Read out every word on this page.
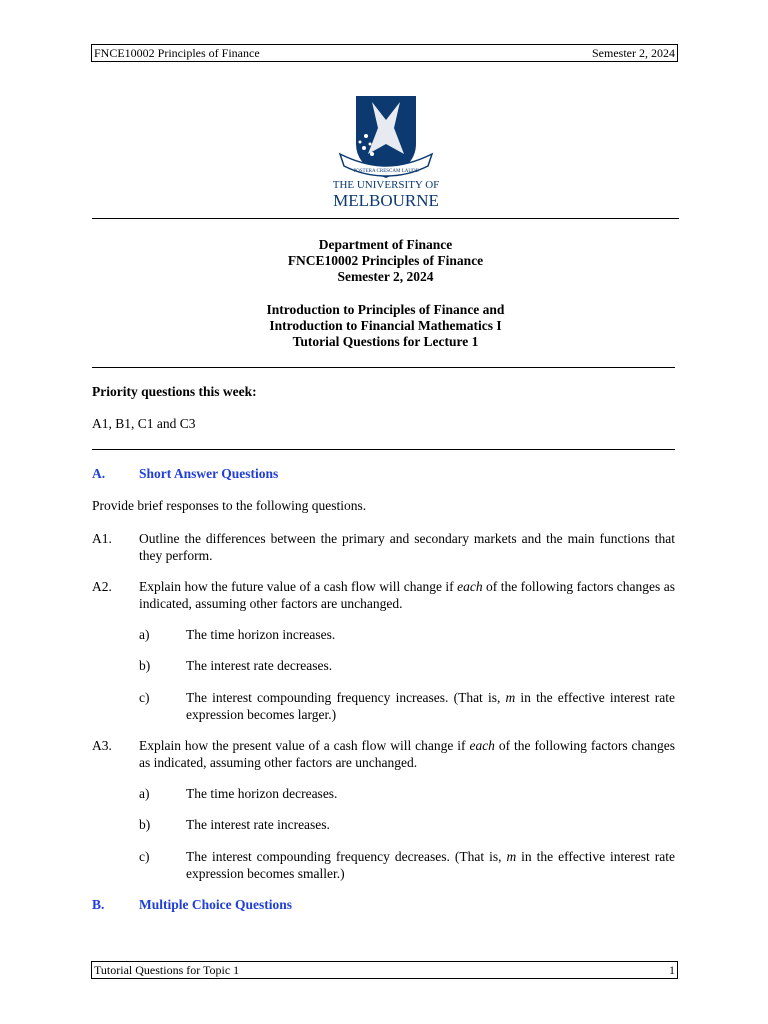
FNCE10002 Principles of Finance	Semester 2, 2024
POSTERA CRESCAM LAUDE
THE UNIVERSITY OF
MELBOURNE
Department of Finance
FNCE10002 Principles of Finance
Semester 2, 2024
Introduction to Principles of Finance and
Introduction to Financial Mathematics I
Tutorial Questions for Lecture 1
Priority questions this week:
A1, B1, C1 and C3
A.	Short Answer Questions
Provide brief responses to the following questions.
A1. Outline the differences between the primary and secondary markets and the main functions that they perform.
A2. Explain how the future value of a cash flow will change if each of the following factors changes as indicated, assuming other factors are unchanged.
a)	The time horizon increases.
b)	The interest rate decreases.
c)	The interest compounding frequency increases. (That is, m in the effective interest rate expression becomes larger.)
A3. Explain how the present value of a cash flow will change if each of the following factors changes as indicated, assuming other factors are unchanged.
a)	The time horizon decreases.
b)	The interest rate increases.
c)	The interest compounding frequency decreases. (That is, m in the effective interest rate expression becomes smaller.)
B.	Multiple Choice Questions
Tutorial Questions for Topic 1	1
